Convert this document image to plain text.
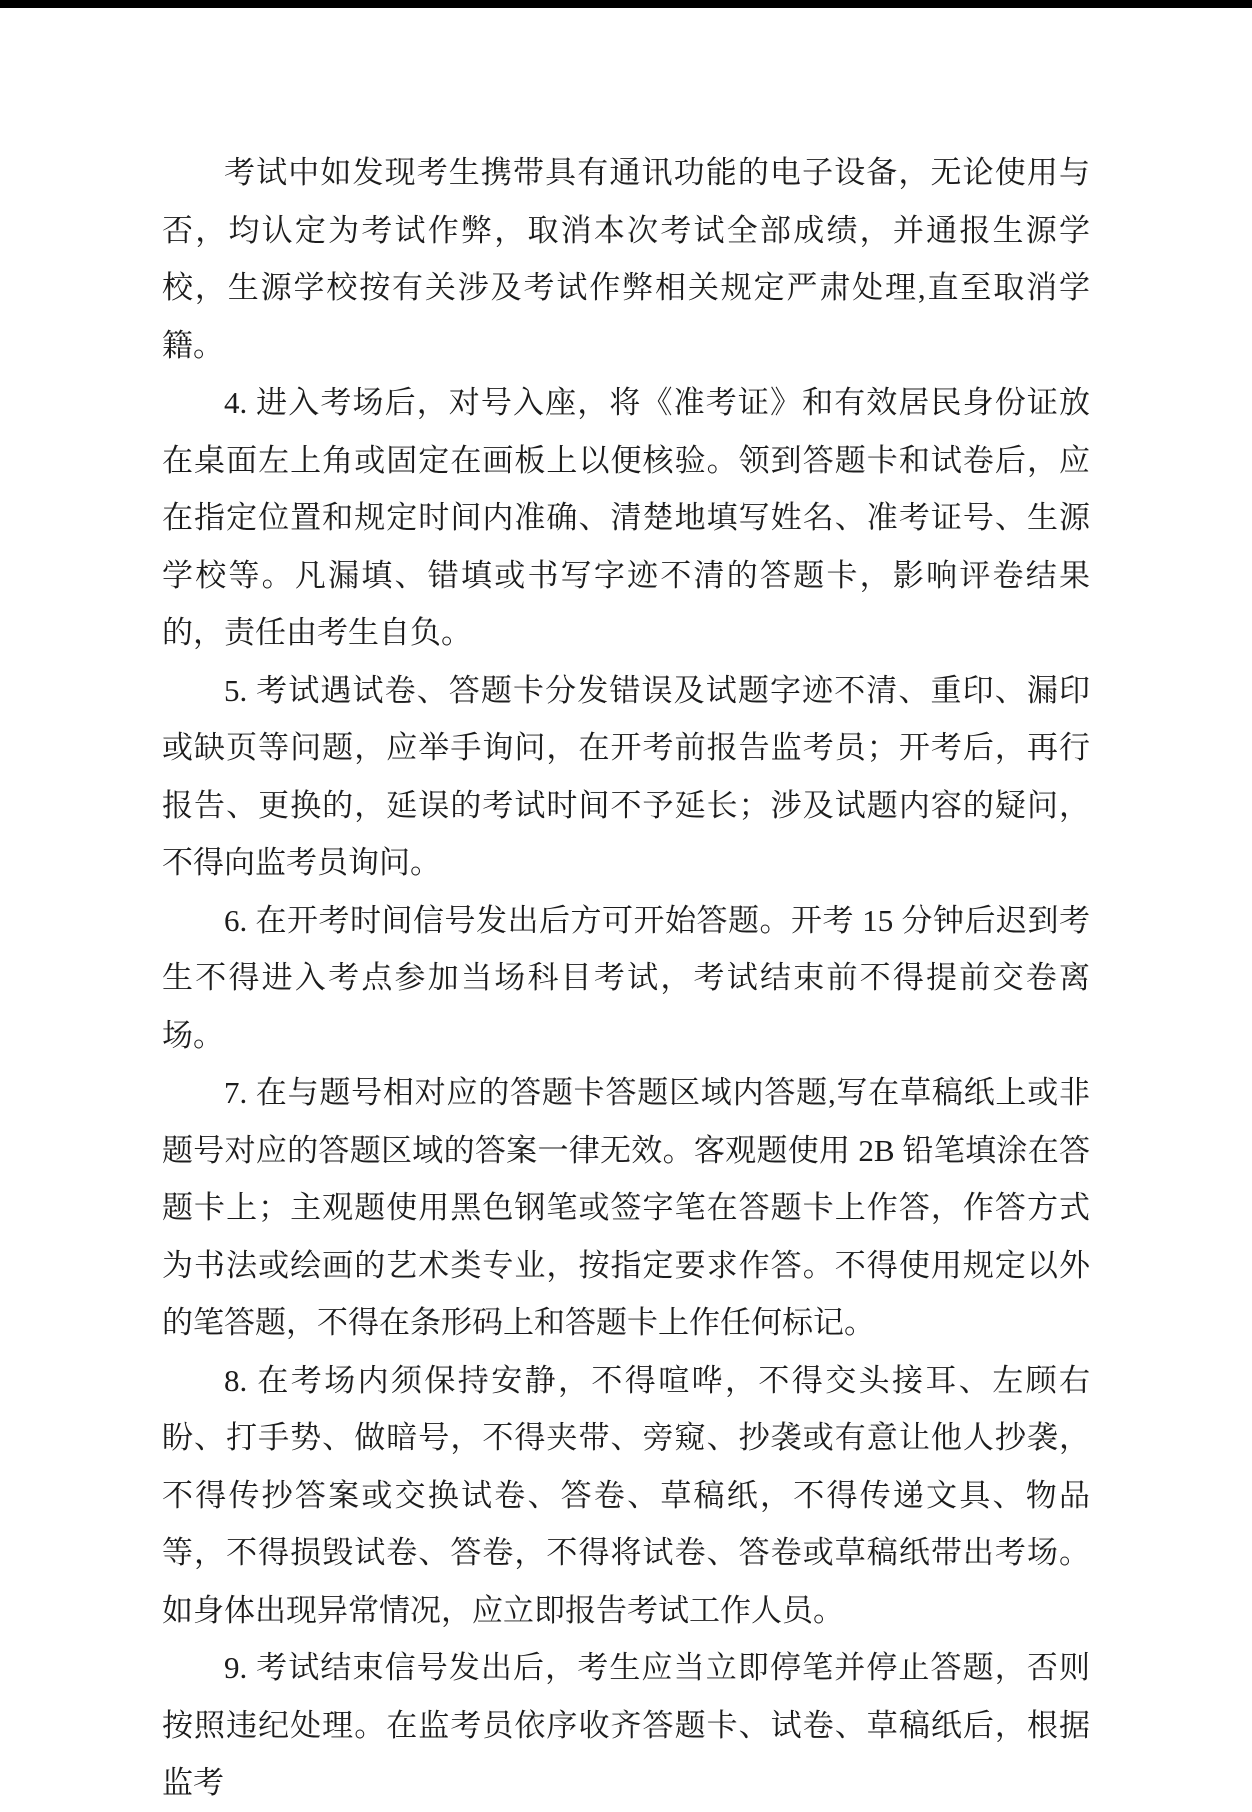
考试中如发现考生携带具有通讯功能的电子设备，无论使用与否，均认定为考试作弊，取消本次考试全部成绩，并通报生源学校，生源学校按有关涉及考试作弊相关规定严肃处理,直至取消学籍。

4. 进入考场后，对号入座，将《准考证》和有效居民身份证放在桌面左上角或固定在画板上以便核验。领到答题卡和试卷后，应在指定位置和规定时间内准确、清楚地填写姓名、准考证号、生源学校等。凡漏填、错填或书写字迹不清的答题卡，影响评卷结果的，责任由考生自负。

5. 考试遇试卷、答题卡分发错误及试题字迹不清、重印、漏印或缺页等问题，应举手询问，在开考前报告监考员；开考后，再行报告、更换的，延误的考试时间不予延长；涉及试题内容的疑问，不得向监考员询问。

6. 在开考时间信号发出后方可开始答题。开考 15 分钟后迟到考生不得进入考点参加当场科目考试，考试结束前不得提前交卷离场。

7. 在与题号相对应的答题卡答题区域内答题,写在草稿纸上或非题号对应的答题区域的答案一律无效。客观题使用 2B 铅笔填涂在答题卡上；主观题使用黑色钢笔或签字笔在答题卡上作答，作答方式为书法或绘画的艺术类专业，按指定要求作答。不得使用规定以外的笔答题，不得在条形码上和答题卡上作任何标记。

8. 在考场内须保持安静，不得喧哗，不得交头接耳、左顾右盼、打手势、做暗号，不得夹带、旁窥、抄袭或有意让他人抄袭，不得传抄答案或交换试卷、答卷、草稿纸，不得传递文具、物品等，不得损毁试卷、答卷，不得将试卷、答卷或草稿纸带出考场。如身体出现异常情况，应立即报告考试工作人员。

9. 考试结束信号发出后，考生应当立即停笔并停止答题，否则按照违纪处理。在监考员依序收齐答题卡、试卷、草稿纸后，根据监考
